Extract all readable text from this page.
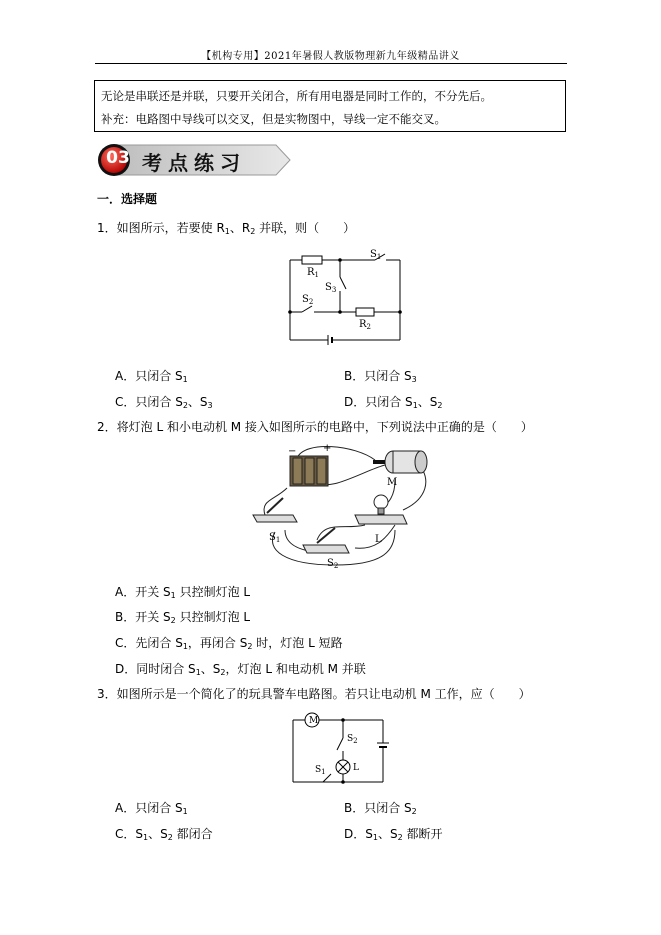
【机构专用】2021年暑假人教版物理新九年级精品讲义

无论是串联还是并联，只要开关闭合，所有用电器是同时工作的，不分先后。

补充：电路图中导线可以交叉，但是实物图中，导线一定不能交叉。

03 考点练习
一．选择题
1．如图所示，若要使 $R_1$、$R_2$ 并联，则（　　）
$R_1$
$S_1$
$S_3$
$S_2$
$R_2$
A．只闭合 $S_1$	B．只闭合 $S_3$
C．只闭合 $S_2$、$S_3$	D．只闭合 $S_1$、$S_2$
2．将灯泡 L 和小电动机 M 接入如图所示的电路中，下列说法中正确的是（　　）
−	+
M
L
$S_1$
$S_2$
A．开关 $S_1$ 只控制灯泡 L
B．开关 $S_2$ 只控制灯泡 L
C．先闭合 $S_1$，再闭合 $S_2$ 时，灯泡 L 短路
D．同时闭合 $S_1$、$S_2$，灯泡 L 和电动机 M 并联
3．如图所示是一个简化了的玩具警车电路图。若只让电动机 M 工作，应（　　）
M
L
$S_2$
$S_1$
A．只闭合 $S_1$	B．只闭合 $S_2$
C．$S_1$、$S_2$ 都闭合	D．$S_1$、$S_2$ 都断开
